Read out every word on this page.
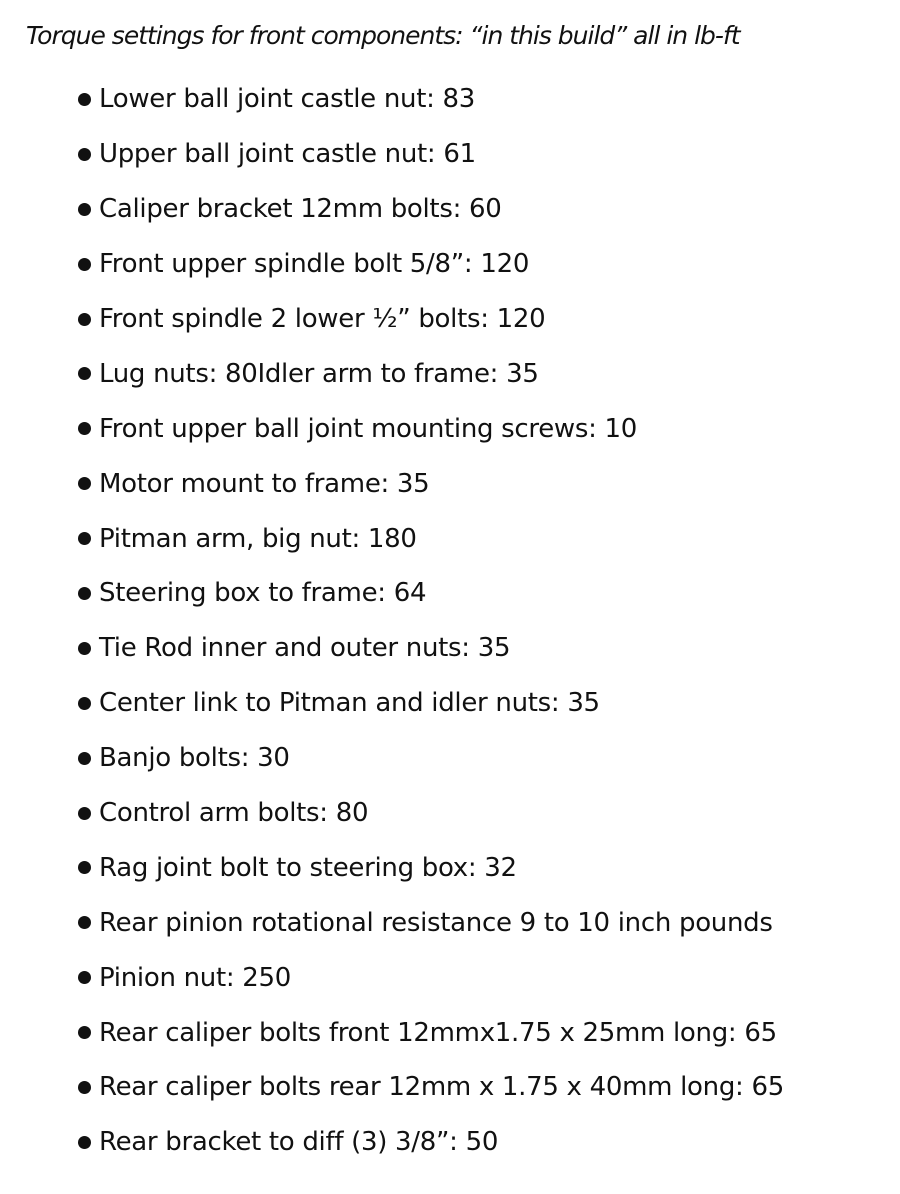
Torque settings for front components: “in this build” all in lb-ft
Lower ball joint castle nut: 83
Upper ball joint castle nut: 61
Caliper bracket 12mm bolts: 60
Front upper spindle bolt 5/8”: 120
Front spindle 2 lower ½” bolts: 120
Lug nuts: 80Idler arm to frame: 35
Front upper ball joint mounting screws: 10
Motor mount to frame: 35
Pitman arm, big nut: 180
Steering box to frame: 64
Tie Rod inner and outer nuts: 35
Center link to Pitman and idler nuts: 35
Banjo bolts: 30
Control arm bolts: 80
Rag joint bolt to steering box: 32
Rear pinion rotational resistance 9 to 10 inch pounds
Pinion nut: 250
Rear caliper bolts front 12mmx1.75 x 25mm long: 65
Rear caliper bolts rear 12mm x 1.75 x 40mm long: 65
Rear bracket to diff (3) 3/8”: 50
